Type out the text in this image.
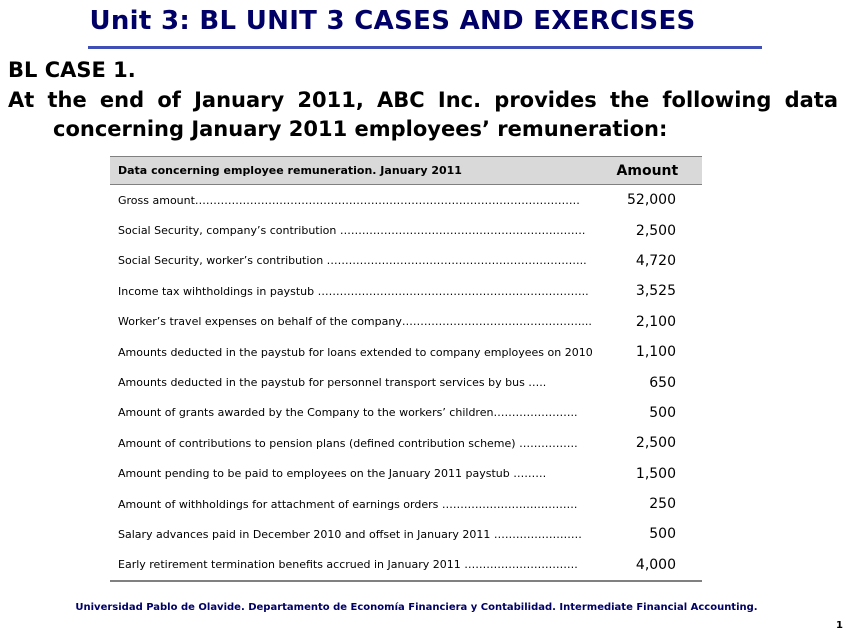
Unit 3: BL UNIT 3 CASES AND EXERCISES
BL CASE 1.
At the end of January 2011, ABC Inc. provides the following data
concerning January 2011 employees’ remuneration:
Data concerning employee remuneration. January 2011	Amount
Gross amount……………………………………………………………………………………………	52,000
Social Security, company’s contribution ………………………………………………………….	2,500
Social Security, worker’s contribution ……………………………………………………………..	4,720
Income tax wihtholdings in paystub ………………………………………………………………..	3,525
Worker’s travel expenses on behalf of the company…………………………………………....	2,100
Amounts deducted in the paystub for loans extended to company employees on 2010	1,100
Amounts deducted in the paystub for personnel transport services by bus …..	650
Amount of grants awarded by the Company to the workers’ children…………………..	500
Amount of contributions to pension plans (defined contribution scheme) …………….	2,500
Amount pending to be paid to employees on the January 2011 paystub ………	1,500
Amount of withholdings for attachment of earnings orders ……………………………….	250
Salary advances paid in December 2010 and offset in January 2011 ……………………	500
Early retirement termination benefits accrued in January 2011 ………………………….	4,000
Universidad Pablo de Olavide. Departamento de Economía Financiera y Contabilidad. Intermediate Financial Accounting.
1
